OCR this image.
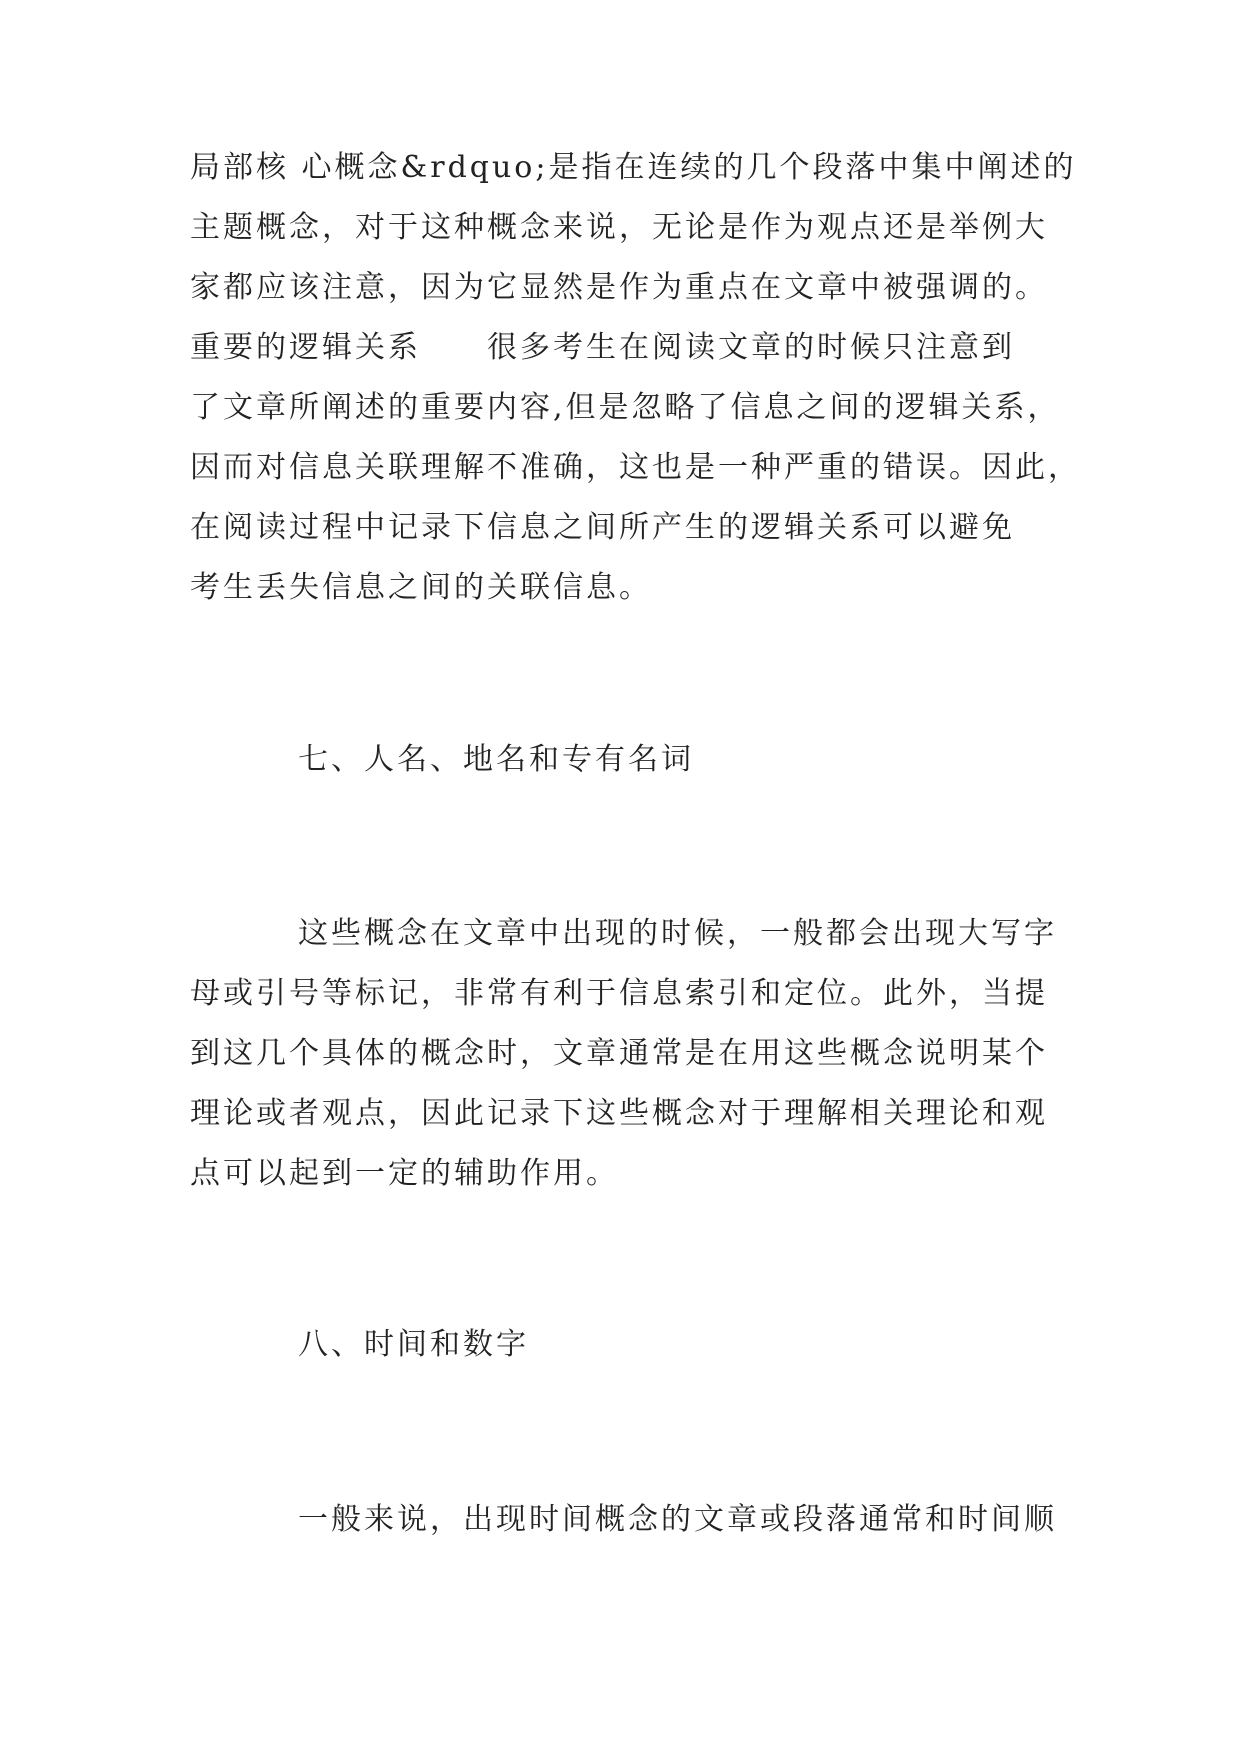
局部核 心概念&rdquo;是指在连续的几个段落中集中阐述的
主题概念，对于这种概念来说，无论是作为观点还是举例大
家都应该注意，因为它显然是作为重点在文章中被强调的。
重要的逻辑关系　　很多考生在阅读文章的时候只注意到
了文章所阐述的重要内容,但是忽略了信息之间的逻辑关系，
因而对信息关联理解不准确，这也是一种严重的错误。因此，
在阅读过程中记录下信息之间所产生的逻辑关系可以避免
考生丢失信息之间的关联信息。
七、人名、地名和专有名词
这些概念在文章中出现的时候，一般都会出现大写字
母或引号等标记，非常有利于信息索引和定位。此外，当提
到这几个具体的概念时，文章通常是在用这些概念说明某个
理论或者观点，因此记录下这些概念对于理解相关理论和观
点可以起到一定的辅助作用。
八、时间和数字
一般来说，出现时间概念的文章或段落通常和时间顺
